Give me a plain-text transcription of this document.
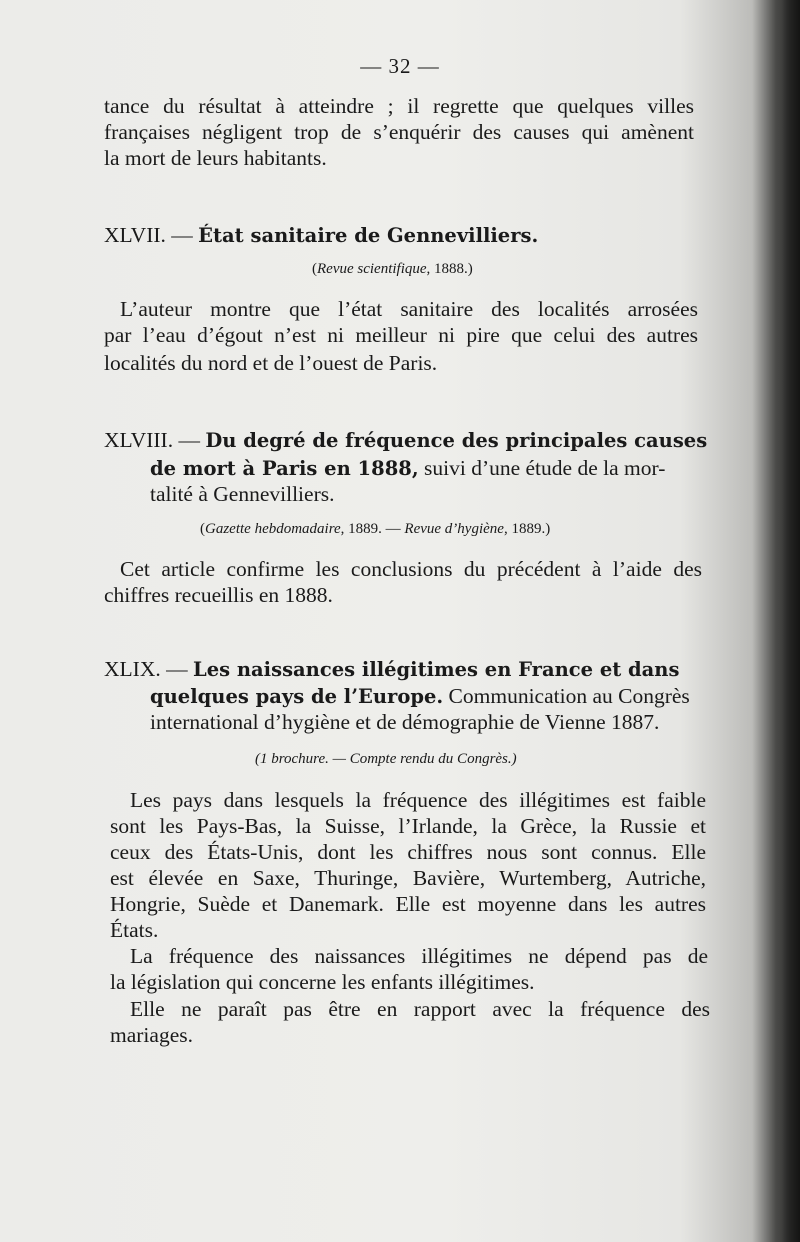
— 32 —
tance du résultat à atteindre ; il regrette que quelques villes
françaises négligent trop de s’enquérir des causes qui amènent
la mort de leurs habitants.
XLVII. — État sanitaire de Gennevilliers.
(Revue scientifique, 1888.)
L’auteur montre que l’état sanitaire des localités arrosées
par l’eau d’égout n’est ni meilleur ni pire que celui des autres
localités du nord et de l’ouest de Paris.
XLVIII. — Du degré de fréquence des principales causes
de mort à Paris en 1888, suivi d’une étude de la mor-
talité à Gennevilliers.
(Gazette hebdomadaire, 1889. — Revue d’hygiène, 1889.)
Cet article confirme les conclusions du précédent à l’aide des
chiffres recueillis en 1888.
XLIX. — Les naissances illégitimes en France et dans
quelques pays de l’Europe. Communication au Congrès
international d’hygiène et de démographie de Vienne 1887.
(1 brochure. — Compte rendu du Congrès.)
Les pays dans lesquels la fréquence des illégitimes est faible
sont les Pays-Bas, la Suisse, l’Irlande, la Grèce, la Russie et
ceux des États-Unis, dont les chiffres nous sont connus. Elle
est élevée en Saxe, Thuringe, Bavière, Wurtemberg, Autriche,
Hongrie, Suède et Danemark. Elle est moyenne dans les autres
États.
La fréquence des naissances illégitimes ne dépend pas de
la législation qui concerne les enfants illégitimes.
Elle ne paraît pas être en rapport avec la fréquence des
mariages.
